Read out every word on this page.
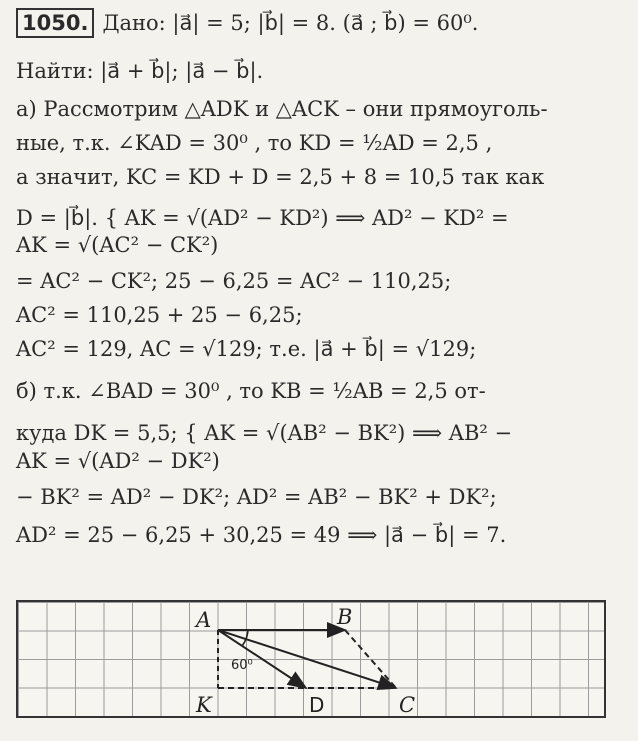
1050. Дано: |a⃗| = 5; |b⃗| = 8. (a⃗ ; b⃗) = 60⁰.
Найти: |a⃗ + b⃗|; |a⃗ − b⃗|.
а) Рассмотрим △ADK и △ACK – они прямоуголь-
ные, т.к. ∠KAD = 30⁰ , то KD = ½AD = 2,5 ,
а значит, KC = KD + D = 2,5 + 8 = 10,5 так как
D = |b⃗|. { AK = √(AD² − KD²) ⟹ AD² − KD² =
AK = √(AC² − CK²)
= AC² − CK²; 25 − 6,25 = AC² − 110,25;
AC² = 110,25 + 25 − 6,25;
AC² = 129, AC = √129; т.е. |a⃗ + b⃗| = √129;
б) т.к. ∠BAD = 30⁰ , то KB = ½AB = 2,5 от-
куда DK = 5,5; { AK = √(AB² − BK²) ⟹ AB² −
AK = √(AD² − DK²)
− BK² = AD² − DK²; AD² = AB² − BK² + DK²;
AD² = 25 − 6,25 + 30,25 = 49 ⟹ |a⃗ − b⃗| = 7.
A	B
K	D	C
60⁰
